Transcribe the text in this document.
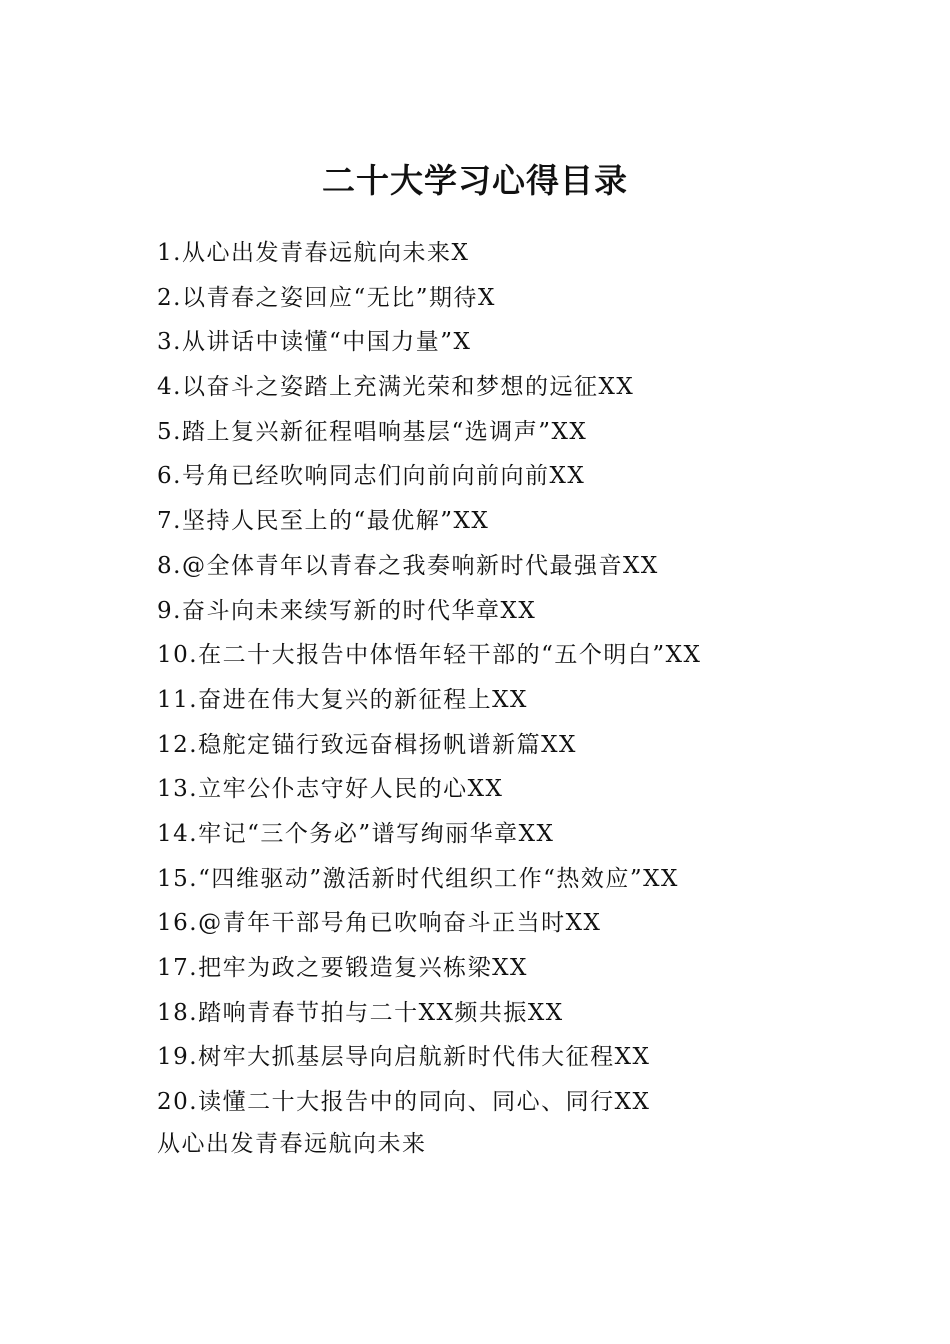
二十大学习心得目录
1.从心出发青春远航向未来X
2.以青春之姿回应“无比”期待X
3.从讲话中读懂“中国力量”X
4.以奋斗之姿踏上充满光荣和梦想的远征XX
5.踏上复兴新征程唱响基层“选调声”XX
6.号角已经吹响同志们向前向前向前XX
7.坚持人民至上的“最优解”XX
8.@全体青年以青春之我奏响新时代最强音XX
9.奋斗向未来续写新的时代华章XX
10.在二十大报告中体悟年轻干部的“五个明白”XX
11.奋进在伟大复兴的新征程上XX
12.稳舵定锚行致远奋楫扬帆谱新篇XX
13.立牢公仆志守好人民的心XX
14.牢记“三个务必”谱写绚丽华章XX
15.“四维驱动”激活新时代组织工作“热效应”XX
16.@青年干部号角已吹响奋斗正当时XX
17.把牢为政之要锻造复兴栋梁XX
18.踏响青春节拍与二十XX频共振XX
19.树牢大抓基层导向启航新时代伟大征程XX
20.读懂二十大报告中的同向、同心、同行XX
从心出发青春远航向未来
